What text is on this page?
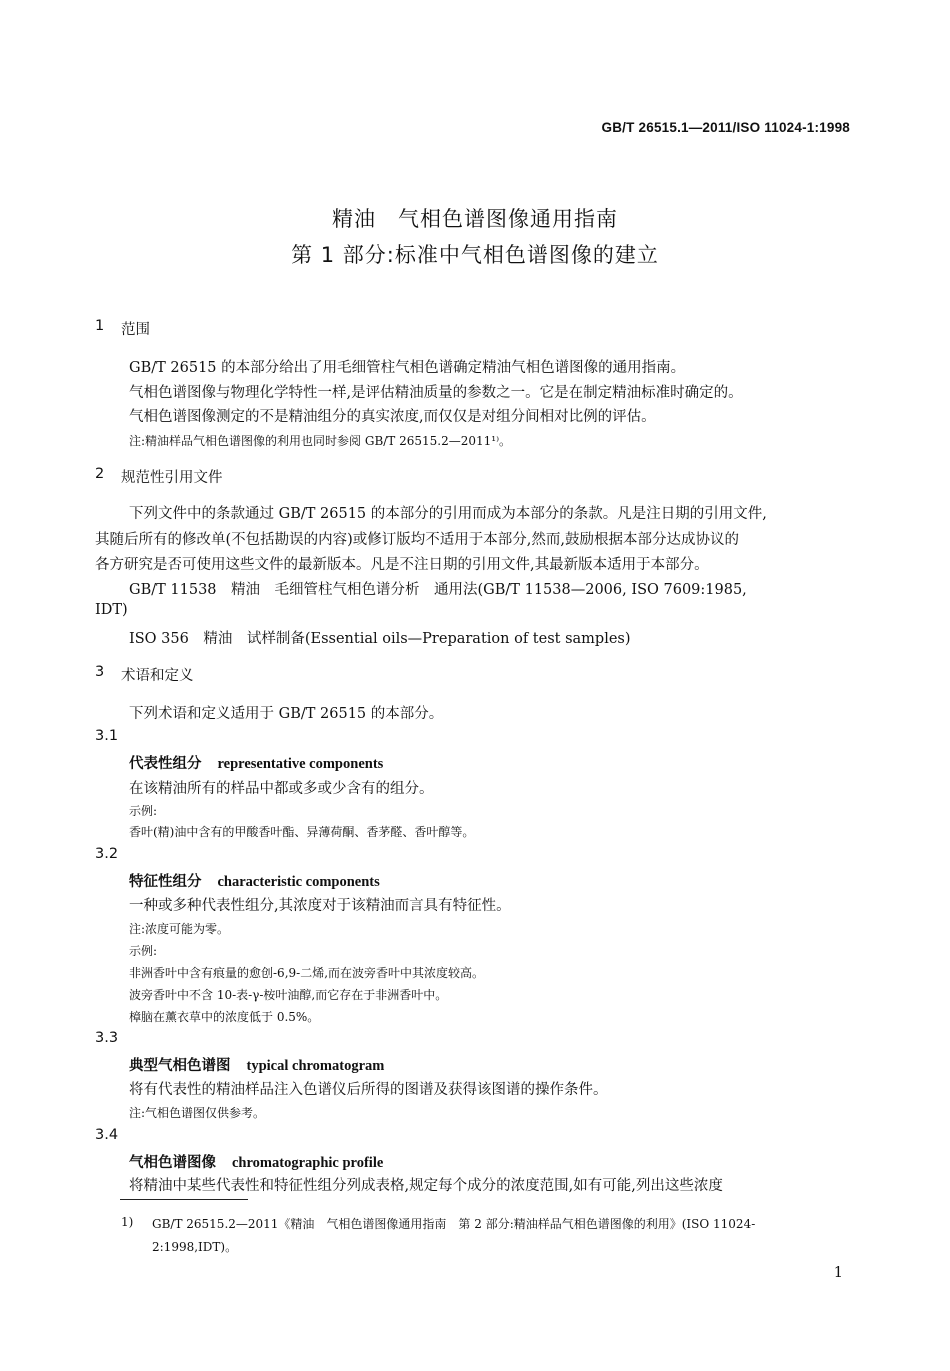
GB/T 26515.1—2011/ISO 11024-1:1998
精油　气相色谱图像通用指南
第 1 部分:标准中气相色谱图像的建立
1 范围
GB/T 26515 的本部分给出了用毛细管柱气相色谱确定精油气相色谱图像的通用指南。
气相色谱图像与物理化学特性一样,是评估精油质量的参数之一。它是在制定精油标准时确定的。
气相色谱图像测定的不是精油组分的真实浓度,而仅仅是对组分间相对比例的评估。
注:精油样品气相色谱图像的利用也同时参阅 GB/T 26515.2—2011¹⁾。
2 规范性引用文件
下列文件中的条款通过 GB/T 26515 的本部分的引用而成为本部分的条款。凡是注日期的引用文件,
其随后所有的修改单(不包括勘误的内容)或修订版均不适用于本部分,然而,鼓励根据本部分达成协议的
各方研究是否可使用这些文件的最新版本。凡是不注日期的引用文件,其最新版本适用于本部分。
GB/T 11538　精油　毛细管柱气相色谱分析　通用法(GB/T 11538—2006, ISO 7609:1985,
IDT)
ISO 356　精油　试样制备(Essential oils—Preparation of test samples)
3 术语和定义
下列术语和定义适用于 GB/T 26515 的本部分。
3.1
代表性组分 representative components
在该精油所有的样品中都或多或少含有的组分。
示例:
香叶(精)油中含有的甲酸香叶酯、异薄荷酮、香茅醛、香叶醇等。
3.2
特征性组分 characteristic components
一种或多种代表性组分,其浓度对于该精油而言具有特征性。
注:浓度可能为零。
示例:
非洲香叶中含有痕量的愈创-6,9-二烯,而在波旁香叶中其浓度较高。
波旁香叶中不含 10-表-γ-桉叶油醇,而它存在于非洲香叶中。
樟脑在薰衣草中的浓度低于 0.5%。
3.3
典型气相色谱图 typical chromatogram
将有代表性的精油样品注入色谱仪后所得的图谱及获得该图谱的操作条件。
注:气相色谱图仅供参考。
3.4
气相色谱图像 chromatographic profile
将精油中某些代表性和特征性组分列成表格,规定每个成分的浓度范围,如有可能,列出这些浓度
1) GB/T 26515.2—2011《精油　气相色谱图像通用指南　第 2 部分:精油样品气相色谱图像的利用》(ISO 11024-
2:1998,IDT)。
1
